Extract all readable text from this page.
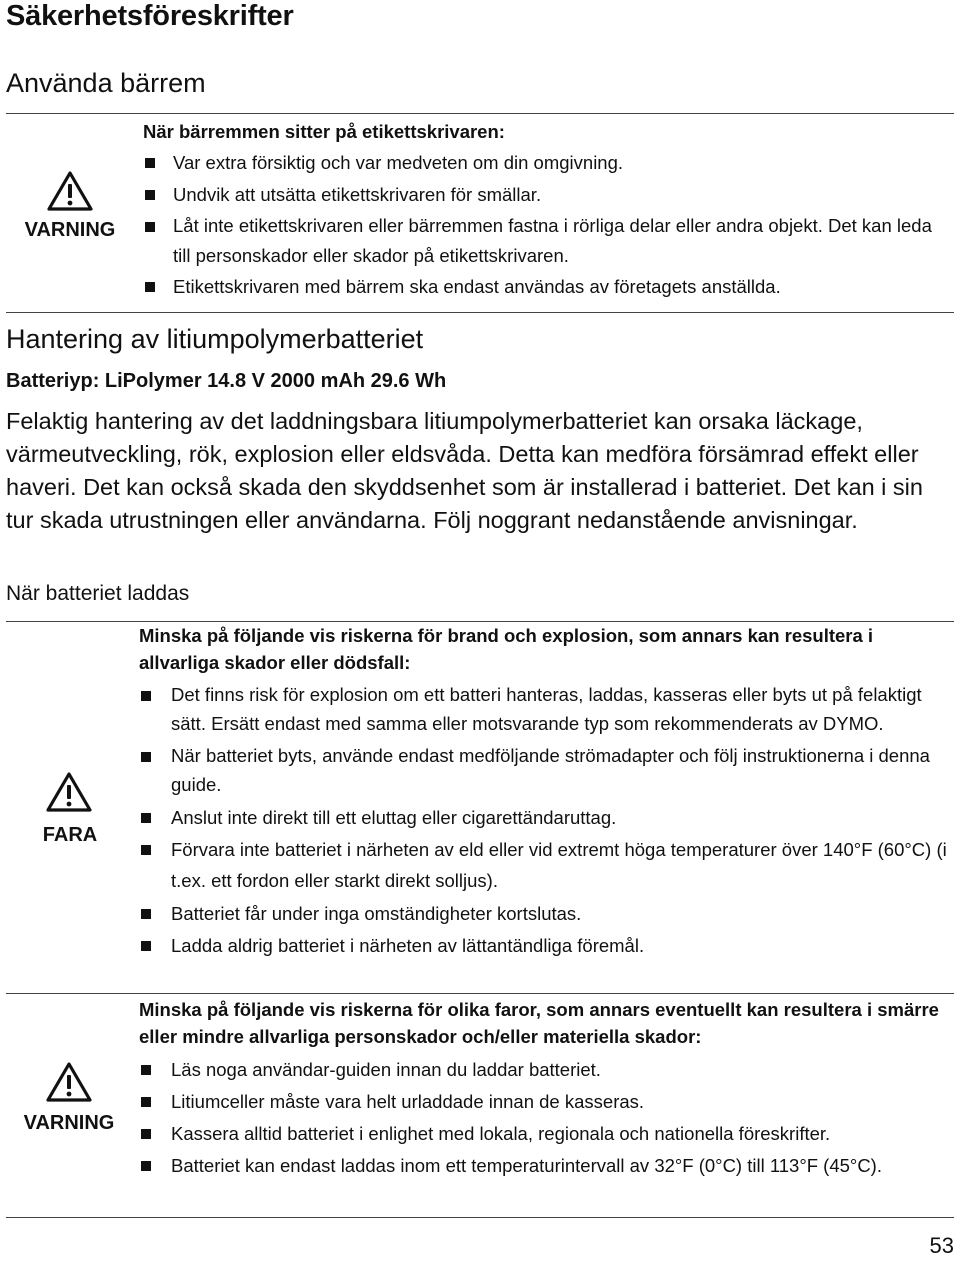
Säkerhetsföreskrifter
Använda bärrem
VARNING
När bärremmen sitter på etikettskrivaren:
Var extra försiktig och var medveten om din omgivning.
Undvik att utsätta etikettskrivaren för smällar.
Låt inte etikettskrivaren eller bärremmen fastna i rörliga delar eller andra objekt. Det kan leda till personskador eller skador på etikettskrivaren.
Etikettskrivaren med bärrem ska endast användas av företagets anställda.
Hantering av litiumpolymerbatteriet
Batteriyp: LiPolymer 14.8 V 2000 mAh 29.6 Wh
Felaktig hantering av det laddningsbara litiumpolymerbatteriet kan orsaka läckage, värmeutveckling, rök, explosion eller eldsvåda. Detta kan medföra försämrad effekt eller haveri. Det kan också skada den skyddsenhet som är installerad i batteriet. Det kan i sin tur skada utrustningen eller användarna. Följ noggrant nedanstående anvisningar.
När batteriet laddas
FARA
Minska på följande vis riskerna för brand och explosion, som annars kan resultera i allvarliga skador eller dödsfall:
Det finns risk för explosion om ett batteri hanteras, laddas, kasseras eller byts ut på felaktigt sätt. Ersätt endast med samma eller motsvarande typ som rekommenderats av DYMO.
När batteriet byts, använde endast medföljande strömadapter och följ instruktionerna i denna guide.
Anslut inte direkt till ett eluttag eller cigarettändaruttag.
Förvara inte batteriet i närheten av eld eller vid extremt höga temperaturer över 140°F (60°C) (i t.ex. ett fordon eller starkt direkt solljus).
Batteriet får under inga omständigheter kortslutas.
Ladda aldrig batteriet i närheten av lättantändliga föremål.
VARNING
Minska på följande vis riskerna för olika faror, som annars eventuellt kan resultera i smärre eller mindre allvarliga personskador och/eller materiella skador:
Läs noga användar-guiden innan du laddar batteriet.
Litiumceller måste vara helt urladdade innan de kasseras.
Kassera alltid batteriet i enlighet med lokala, regionala och nationella föreskrifter.
Batteriet kan endast laddas inom ett temperaturintervall av 32°F (0°C) till 113°F (45°C).
53
